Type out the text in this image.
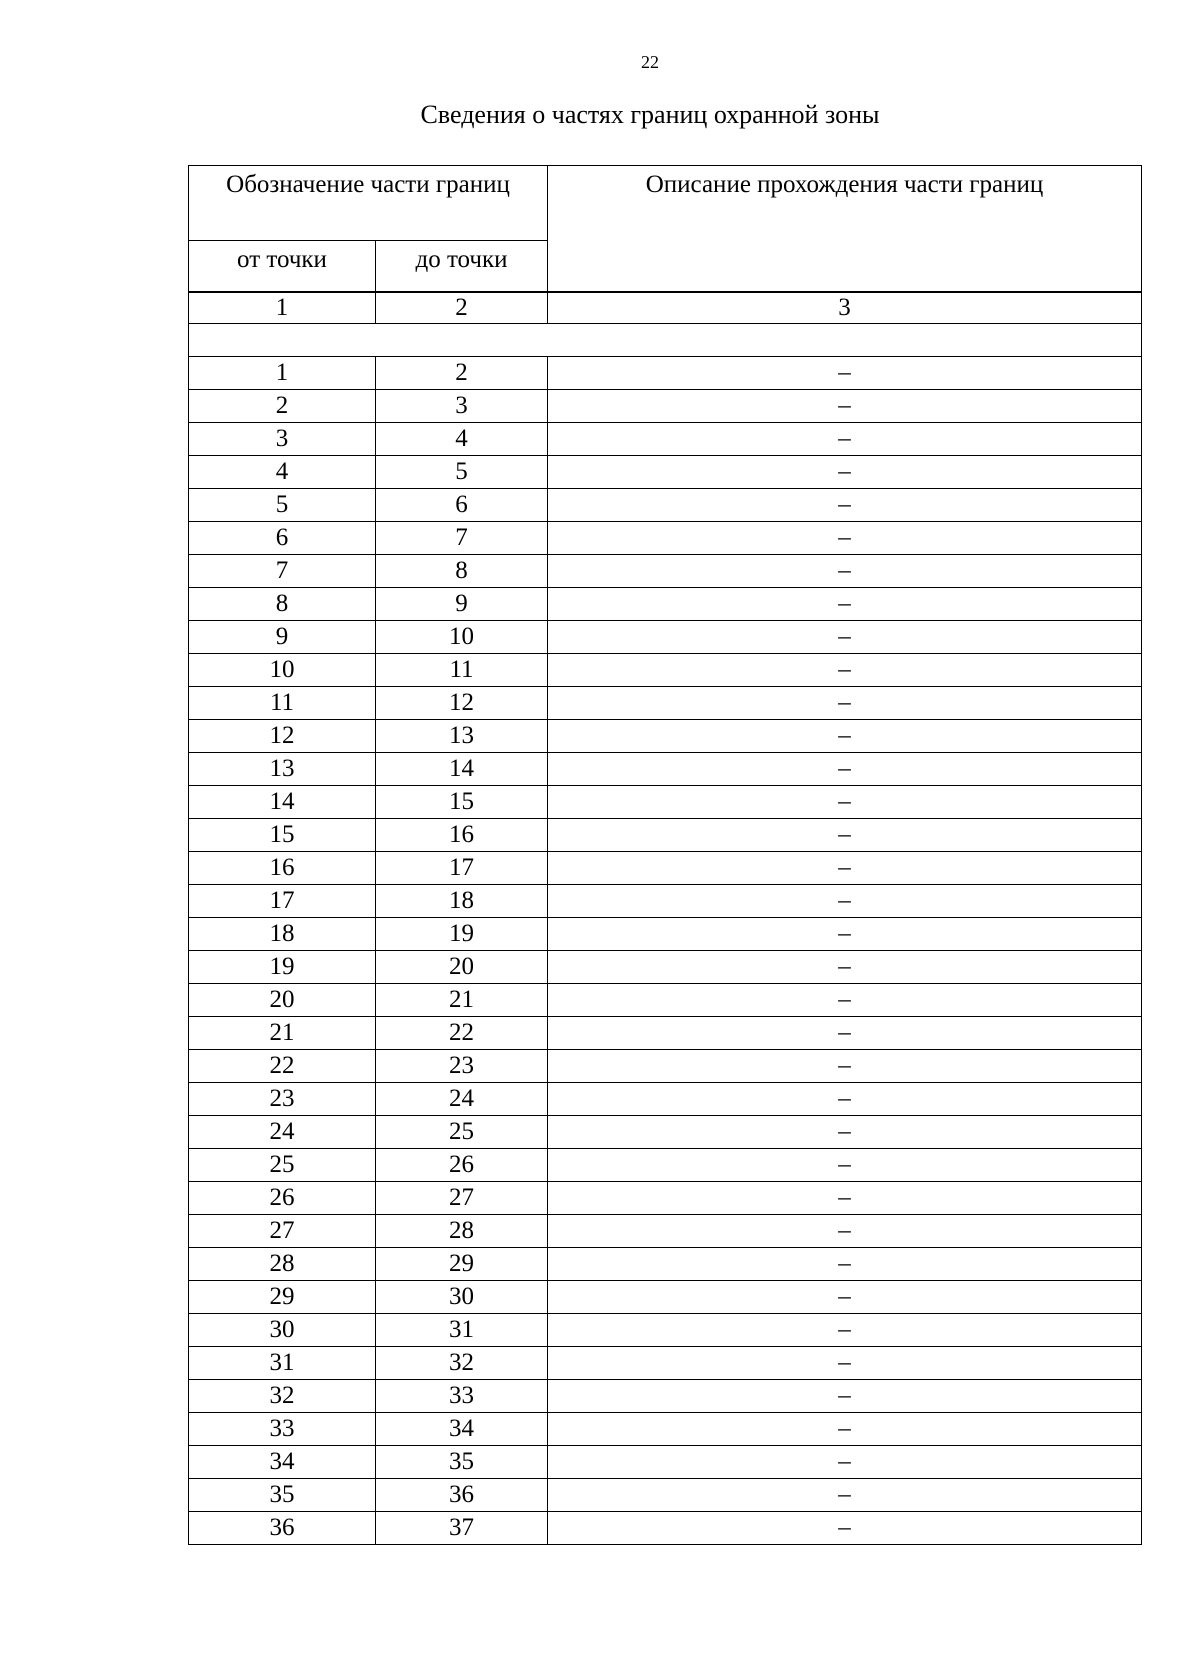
22
Сведения о частях границ охранной зоны
Обозначение части границ		Описание прохождения части границ
от точки	до точки	
1	2	3

1	2	–
2	3	–
3	4	–
4	5	–
5	6	–
6	7	–
7	8	–
8	9	–
9	10	–
10	11	–
11	12	–
12	13	–
13	14	–
14	15	–
15	16	–
16	17	–
17	18	–
18	19	–
19	20	–
20	21	–
21	22	–
22	23	–
23	24	–
24	25	–
25	26	–
26	27	–
27	28	–
28	29	–
29	30	–
30	31	–
31	32	–
32	33	–
33	34	–
34	35	–
35	36	–
36	37	–
